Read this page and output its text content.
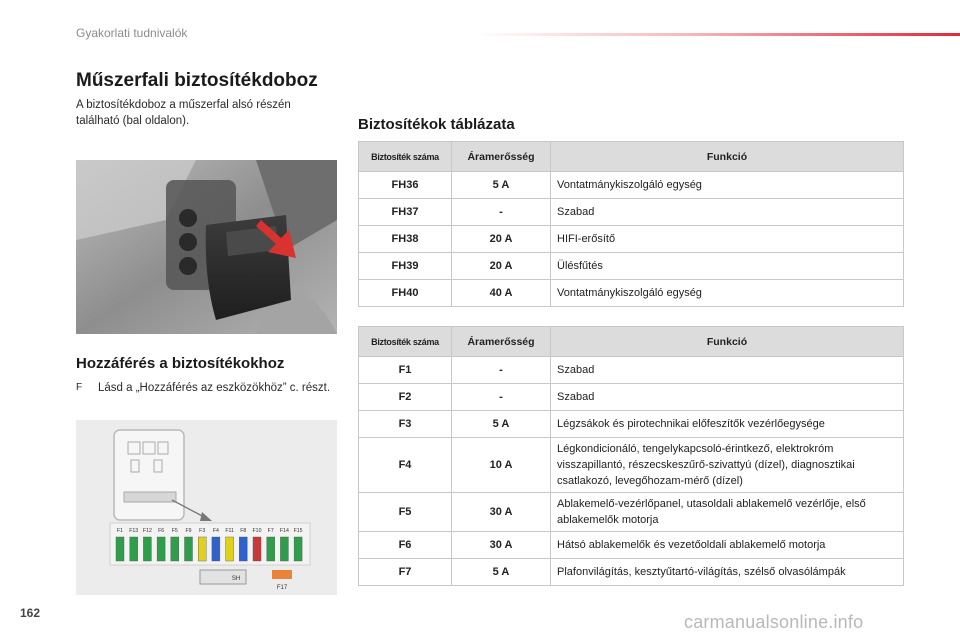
Gyakorlati tudnivalók
Műszerfali biztosítékdoboz
A biztosítékdoboz a műszerfal alsó részén található (bal oldalon).
Hozzáférés a biztosítékokhoz
F	Lásd a „Hozzáférés az eszközökhöz” c. részt.
F1 F13 F12 F6 F5 F9 F3 F4 F11 F8 F10 F7 F14 F15
SH
F17
Biztosítékok táblázata
Biztosíték száma	Áramerősség	Funkció
FH36	5 A	Vontatmánykiszolgáló egység
FH37	-	Szabad
FH38	20 A	HIFI-erősítő
FH39	20 A	Ülésfűtés
FH40	40 A	Vontatmánykiszolgáló egység
Biztosíték száma	Áramerősség	Funkció
F1	-	Szabad
F2	-	Szabad
F3	5 A	Légzsákok és pirotechnikai előfeszítők vezérlőegysége
F4	10 A	Légkondicionáló, tengelykapcsoló-érintkező, elektrokróm visszapillantó, részecskeszűrő-szivattyú (dízel), diagnosztikai csatlakozó, levegőhozam-mérő (dízel)
F5	30 A	Ablakemelő-vezérlőpanel, utasoldali ablakemelő vezérlője, első ablakemelők motorja
F6	30 A	Hátsó ablakemelők és vezetőoldali ablakemelő motorja
F7	5 A	Plafonvilágítás, kesztyűtartó-világítás, szélső olvasólámpák
162	carmanualsonline.info
